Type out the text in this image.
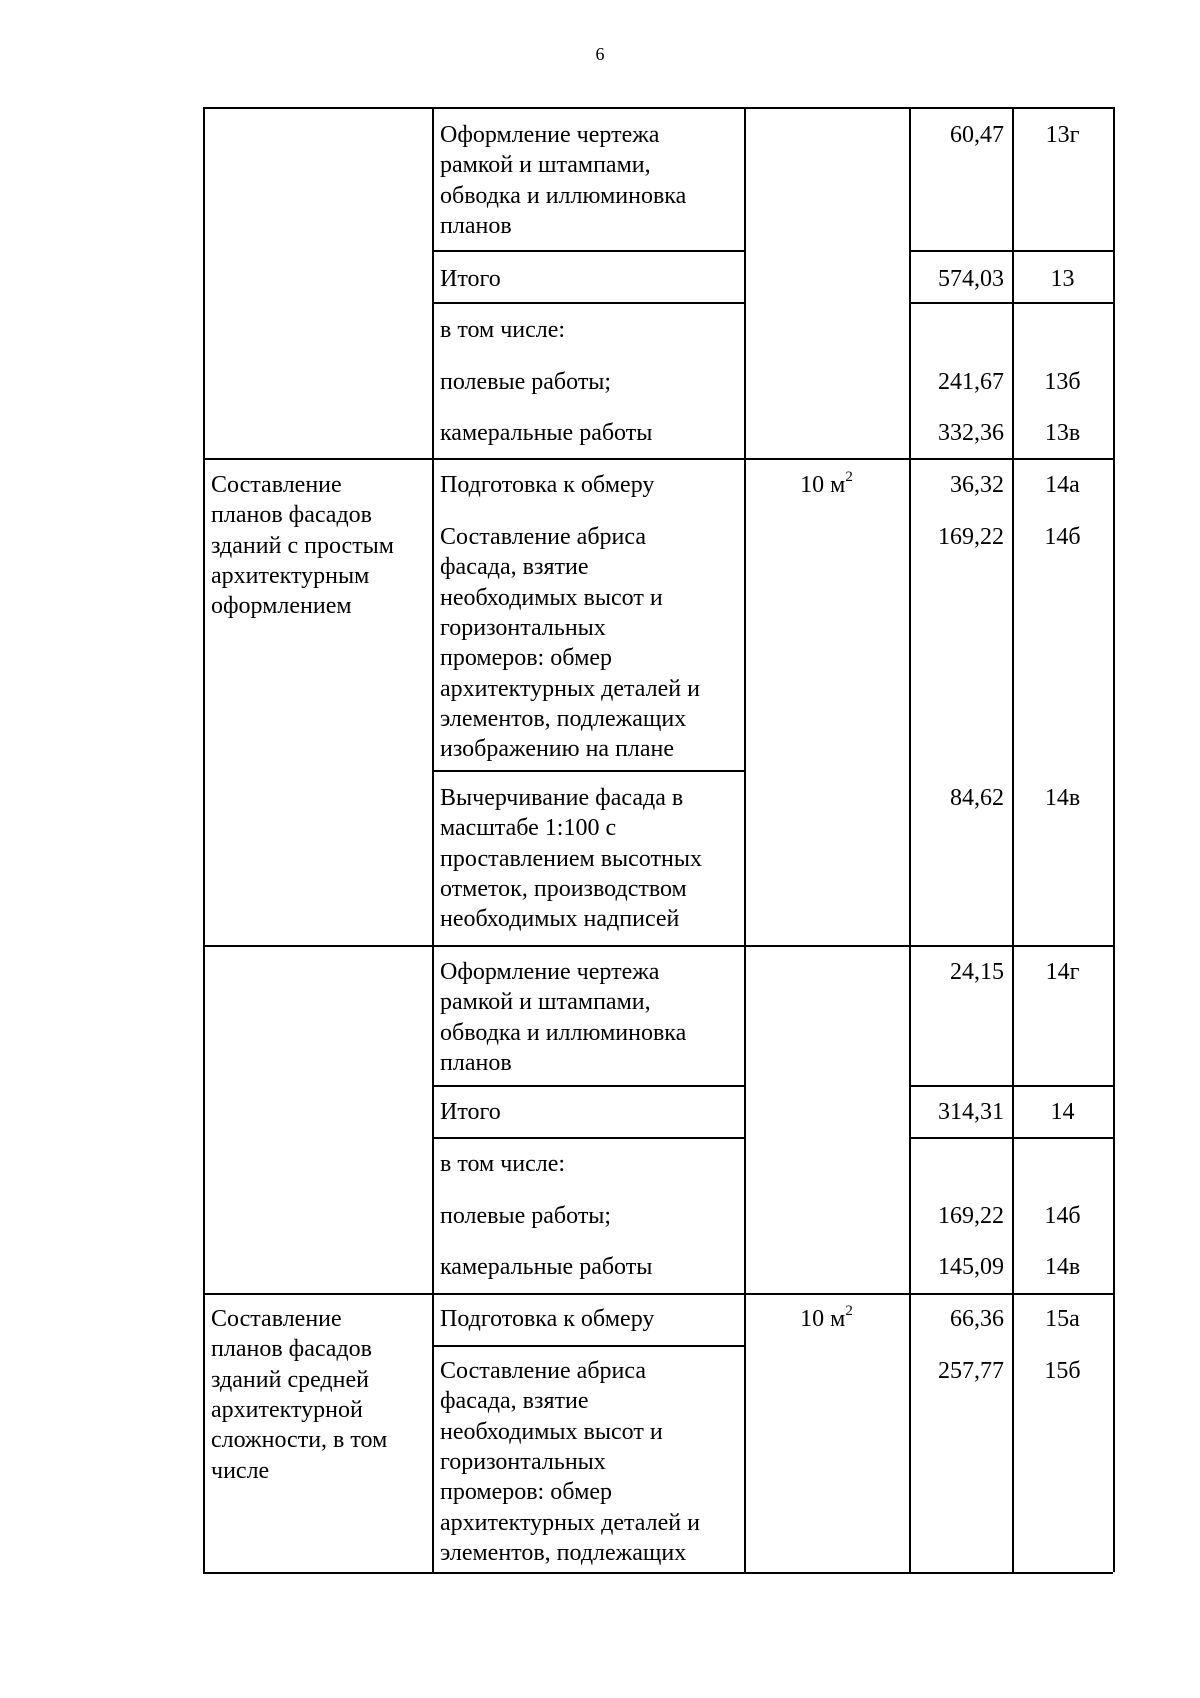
6
Оформление чертежа
рамкой и штампами,
обводка и иллюминовка
планов
60,47	13г
Итого	574,03	13
в том числе:
полевые работы;	241,67	13б
камеральные работы	332,36	13в
Составление
планов фасадов
зданий с простым
архитектурным
оформлением
Подготовка к обмеру	10 $м^2$	36,32	14а
Составление абриса
фасада, взятие
необходимых высот и
горизонтальных
промеров: обмер
архитектурных деталей и
элементов, подлежащих
изображению на плане
169,22	14б
Вычерчивание фасада в
масштабе 1:100 с
проставлением высотных
отметок, производством
необходимых надписей
84,62	14в
Оформление чертежа
рамкой и штампами,
обводка и иллюминовка
планов
24,15	14г
Итого	314,31	14
в том числе:
полевые работы;	169,22	14б
камеральные работы	145,09	14в
Составление
планов фасадов
зданий средней
архитектурной
сложности, в том
числе
Подготовка к обмеру	10 $м^2$	66,36	15а
Составление абриса
фасада, взятие
необходимых высот и
горизонтальных
промеров: обмер
архитектурных деталей и
элементов, подлежащих
257,77	15б
